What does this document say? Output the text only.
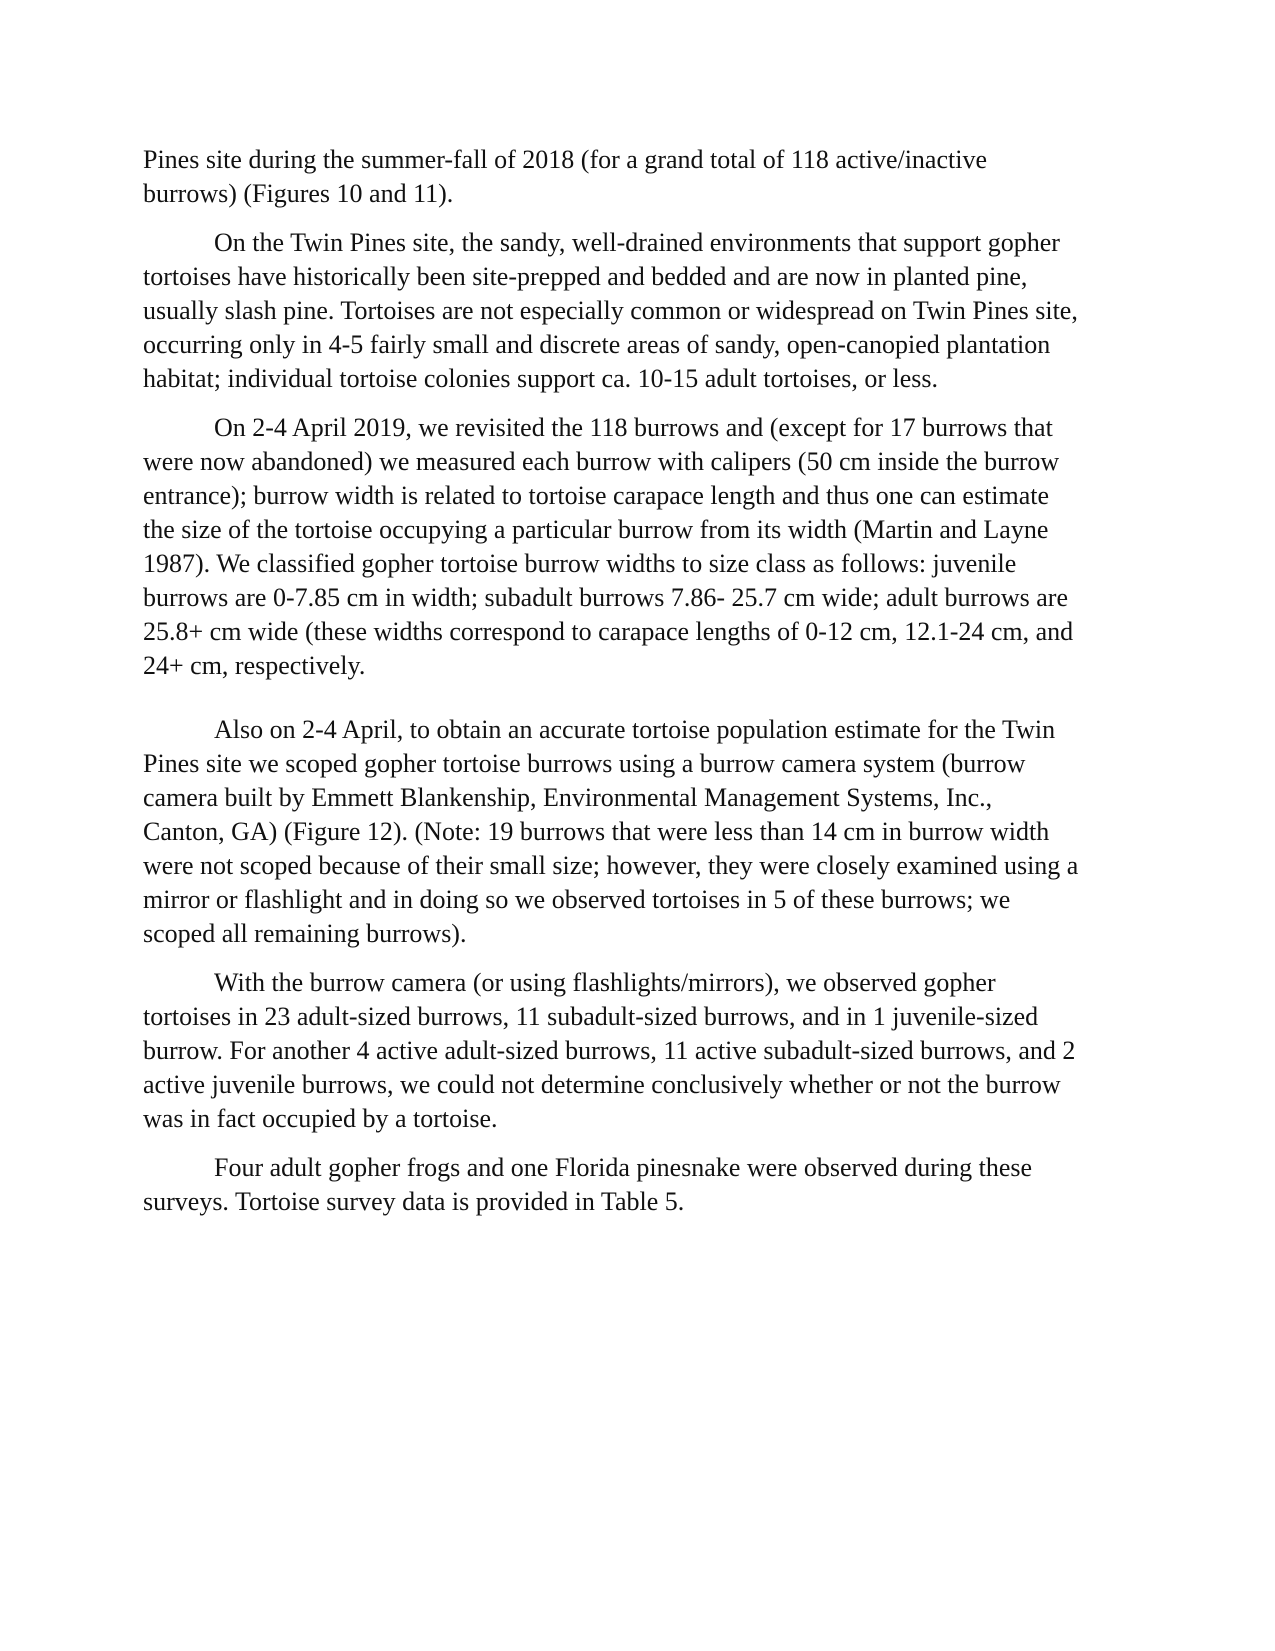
Pines site during the summer-fall of 2018 (for a grand total of 118 active/inactive burrows) (Figures 10 and 11).

On the Twin Pines site, the sandy, well-drained environments that support gopher tortoises have historically been site-prepped and bedded and are now in planted pine, usually slash pine. Tortoises are not especially common or widespread on Twin Pines site, occurring only in 4-5 fairly small and discrete areas of sandy, open-canopied plantation habitat; individual tortoise colonies support ca. 10-15 adult tortoises, or less.

On 2-4 April 2019, we revisited the 118 burrows and (except for 17 burrows that were now abandoned) we measured each burrow with calipers (50 cm inside the burrow entrance); burrow width is related to tortoise carapace length and thus one can estimate the size of the tortoise occupying a particular burrow from its width (Martin and Layne 1987). We classified gopher tortoise burrow widths to size class as follows: juvenile burrows are 0-7.85 cm in width; subadult burrows 7.86- 25.7 cm wide; adult burrows are 25.8+ cm wide (these widths correspond to carapace lengths of 0-12 cm, 12.1-24 cm, and 24+ cm, respectively.

Also on 2-4 April, to obtain an accurate tortoise population estimate for the Twin Pines site we scoped gopher tortoise burrows using a burrow camera system (burrow camera built by Emmett Blankenship, Environmental Management Systems, Inc., Canton, GA) (Figure 12). (Note: 19 burrows that were less than 14 cm in burrow width were not scoped because of their small size; however, they were closely examined using a mirror or flashlight and in doing so we observed tortoises in 5 of these burrows; we scoped all remaining burrows).

With the burrow camera (or using flashlights/mirrors), we observed gopher tortoises in 23 adult-sized burrows, 11 subadult-sized burrows, and in 1 juvenile-sized burrow. For another 4 active adult-sized burrows, 11 active subadult-sized burrows, and 2 active juvenile burrows, we could not determine conclusively whether or not the burrow was in fact occupied by a tortoise.

Four adult gopher frogs and one Florida pinesnake were observed during these surveys. Tortoise survey data is provided in Table 5.
